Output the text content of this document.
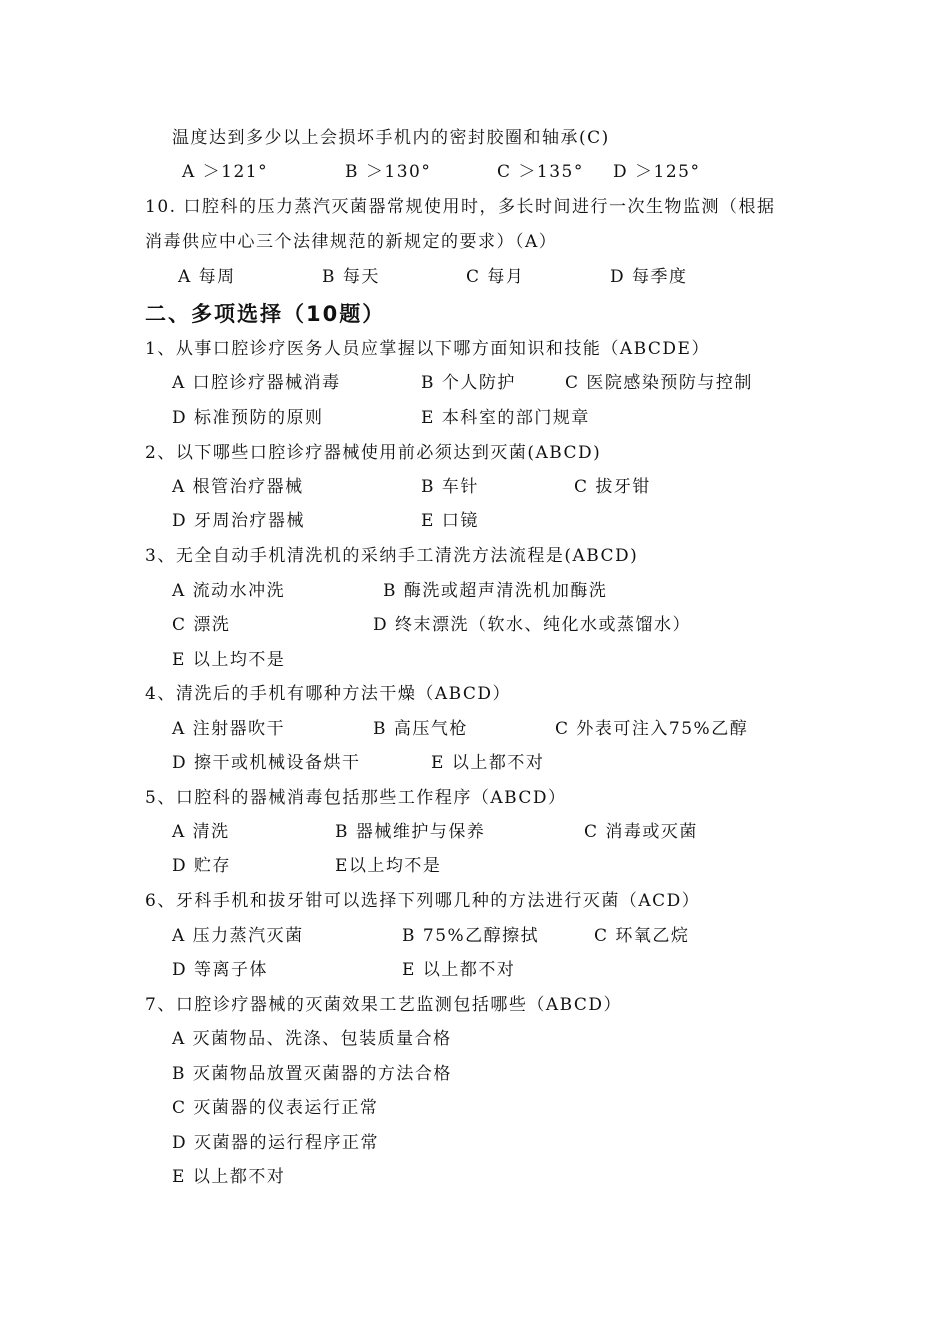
温度达到多少以上会损坏手机内的密封胶圈和轴承(C)
A ＞121°	B ＞130°	C ＞135° D ＞125°
10. 口腔科的压力蒸汽灭菌器常规使用时，多长时间进行一次生物监测（根据
消毒供应中心三个法律规范的新规定的要求）（A）
A 每周	B 每天	C 每月	D 每季度
二、多项选择（10题）
1、从事口腔诊疗医务人员应掌握以下哪方面知识和技能（ABCDE）
A 口腔诊疗器械消毒	B 个人防护	C 医院感染预防与控制
D 标准预防的原则	E 本科室的部门规章
2、以下哪些口腔诊疗器械使用前必须达到灭菌(ABCD)
A 根管治疗器械	B 车针	C 拔牙钳
D 牙周治疗器械	E 口镜
3、无全自动手机清洗机的采纳手工清洗方法流程是(ABCD)
A 流动水冲洗	B 酶洗或超声清洗机加酶洗
C 漂洗	D 终末漂洗（软水、纯化水或蒸馏水）
E 以上均不是
4、清洗后的手机有哪种方法干燥（ABCD）
A 注射器吹干	B 高压气枪	C 外表可注入75%乙醇
D 擦干或机械设备烘干	E 以上都不对
5、口腔科的器械消毒包括那些工作程序（ABCD）
A 清洗	B 器械维护与保养	C 消毒或灭菌
D 贮存	E以上均不是
6、牙科手机和拔牙钳可以选择下列哪几种的方法进行灭菌（ACD）
A 压力蒸汽灭菌	B 75%乙醇擦拭	C 环氧乙烷
D 等离子体	E 以上都不对
7、口腔诊疗器械的灭菌效果工艺监测包括哪些（ABCD）
A 灭菌物品、洗涤、包装质量合格
B 灭菌物品放置灭菌器的方法合格
C 灭菌器的仪表运行正常
D 灭菌器的运行程序正常
E 以上都不对
